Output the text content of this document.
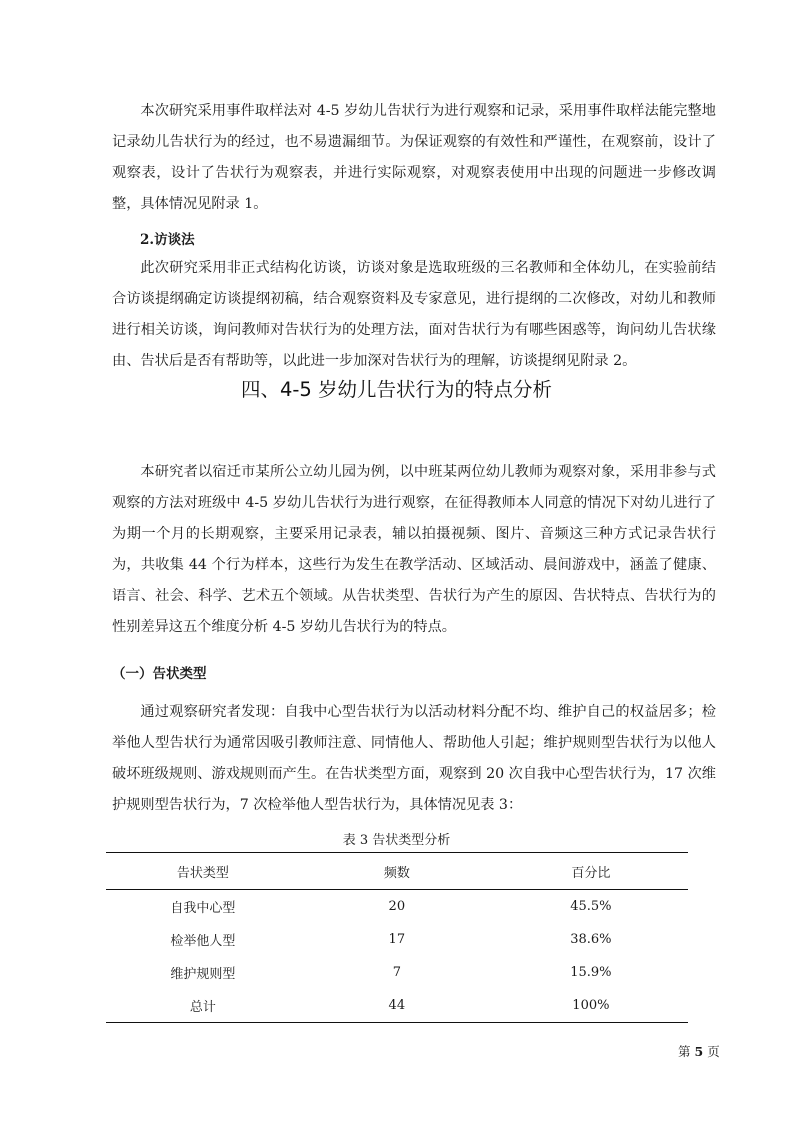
本次研究采用事件取样法对 4-5 岁幼儿告状行为进行观察和记录，采用事件取样法能完整地记录幼儿告状行为的经过，也不易遗漏细节。为保证观察的有效性和严谨性，在观察前，设计了观察表，设计了告状行为观察表，并进行实际观察，对观察表使用中出现的问题进一步修改调整，具体情况见附录 1。

2.访谈法

此次研究采用非正式结构化访谈，访谈对象是选取班级的三名教师和全体幼儿，在实验前结合访谈提纲确定访谈提纲初稿，结合观察资料及专家意见，进行提纲的二次修改，对幼儿和教师进行相关访谈，询问教师对告状行为的处理方法，面对告状行为有哪些困惑等，询问幼儿告状缘由、告状后是否有帮助等，以此进一步加深对告状行为的理解，访谈提纲见附录 2。

四、4-5 岁幼儿告状行为的特点分析

本研究者以宿迁市某所公立幼儿园为例，以中班某两位幼儿教师为观察对象，采用非参与式观察的方法对班级中 4-5 岁幼儿告状行为进行观察，在征得教师本人同意的情况下对幼儿进行了为期一个月的长期观察，主要采用记录表，辅以拍摄视频、图片、音频这三种方式记录告状行为，共收集 44 个行为样本，这些行为发生在教学活动、区域活动、晨间游戏中，涵盖了健康、语言、社会、科学、艺术五个领域。从告状类型、告状行为产生的原因、告状特点、告状行为的性别差异这五个维度分析 4-5 岁幼儿告状行为的特点。

（一）告状类型

通过观察研究者发现：自我中心型告状行为以活动材料分配不均、维护自己的权益居多；检举他人型告状行为通常因吸引教师注意、同情他人、帮助他人引起；维护规则型告状行为以他人破坏班级规则、游戏规则而产生。在告状类型方面，观察到 20 次自我中心型告状行为，17 次维护规则型告状行为，7 次检举他人型告状行为，具体情况见表 3：

表 3 告状类型分析

告状类型	频数	百分比
自我中心型	20	45.5%
检举他人型	17	38.6%
维护规则型	7	15.9%
总计	44	100%

第 5 页
